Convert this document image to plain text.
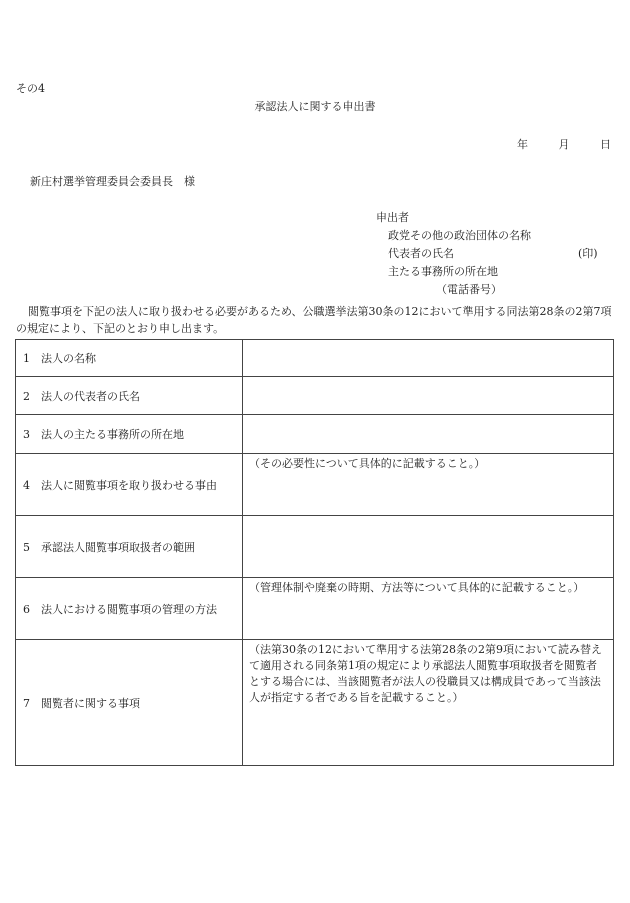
その4
承認法人に関する申出書
年	月	日
新庄村選挙管理委員会委員長　様
申出者
政党その他の政治団体の名称
代表者の氏名	(印)
主たる事務所の所在地
（電話番号）
閲覧事項を下記の法人に取り扱わせる必要があるため、公職選挙法第30条の12において準用する同法第28条の2第7項の規定により、下記のとおり申し出ます。
1　法人の名称	
2　法人の代表者の氏名	
3　法人の主たる事務所の所在地	
4　法人に閲覧事項を取り扱わせる事由	（その必要性について具体的に記載すること。）

5　承認法人閲覧事項取扱者の範囲	
6　法人における閲覧事項の管理の方法	（管理体制や廃棄の時期、方法等について具体的に記載すること。）

7　閲覧者に関する事項	（法第30条の12において準用する法第28条の2第9項において読み替えて適用される同条第1項の規定により承認法人閲覧事項取扱者を閲覧者とする場合には、当該閲覧者が法人の役職員又は構成員であって当該法人が指定する者である旨を記載すること。）
